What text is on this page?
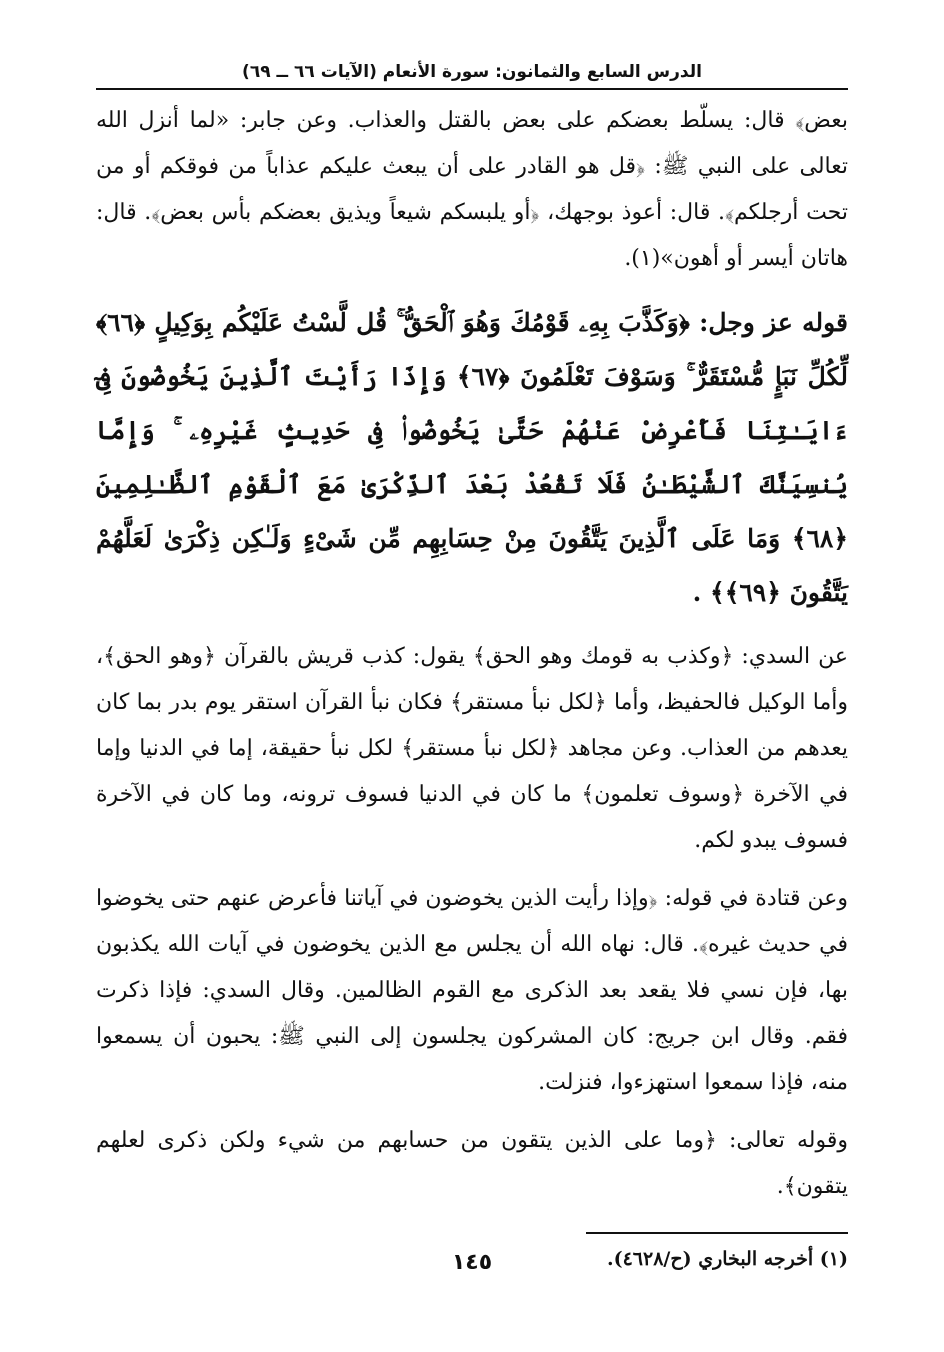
الدرس السابع والثمانون: سورة الأنعام (الآيات ٦٦ ــ ٦٩)

بعض﴾ قال: يسلّط بعضكم على بعض بالقتل والعذاب. وعن جابر: «لما أنزل الله تعالى على النبي ﷺ: ﴿قل هو القادر على أن يبعث عليكم عذاباً من فوقكم أو من تحت أرجلكم﴾. قال: أعوذ بوجهك، ﴿أو يلبسكم شيعاً ويذيق بعضكم بأس بعض﴾. قال: هاتان أيسر أو أهون»(١).

قوله عز وجل: ﴿وَكَذَّبَ بِهِۦ قَوْمُكَ وَهُوَ ٱلْحَقُّ ۚ قُل لَّسْتُ عَلَيْكُم بِوَكِيلٍ ﴿٦٦﴾ لِّكُلِّ نَبَإٍ مُّسْتَقَرٌّ ۚ وَسَوْفَ تَعْلَمُونَ ﴿٦٧﴾ وَإِذَا رَأَيْتَ ٱلَّذِينَ يَخُوضُونَ فِىٓ ءَايَـٰتِنَا فَأَعْرِضْ عَنْهُمْ حَتَّىٰ يَخُوضُوا۟ فِى حَدِيثٍ غَيْرِهِۦ ۚ وَإِمَّا يُنسِيَنَّكَ ٱلشَّيْطَـٰنُ فَلَا تَقْعُدْ بَعْدَ ٱلذِّكْرَىٰ مَعَ ٱلْقَوْمِ ٱلظَّـٰلِمِينَ ﴿٦٨﴾ وَمَا عَلَى ٱلَّذِينَ يَتَّقُونَ مِنْ حِسَابِهِم مِّن شَىْءٍ وَلَـٰكِن ذِكْرَىٰ لَعَلَّهُمْ يَتَّقُونَ ﴿٦٩﴾﴾ .

عن السدي: ﴿وكذب به قومك وهو الحق﴾ يقول: كذب قريش بالقرآن ﴿وهو الحق﴾، وأما الوكيل فالحفيظ، وأما ﴿لكل نبأ مستقر﴾ فكان نبأ القرآن استقر يوم بدر بما كان يعدهم من العذاب. وعن مجاهد ﴿لكل نبأ مستقر﴾ لكل نبأ حقيقة، إما في الدنيا وإما في الآخرة ﴿وسوف تعلمون﴾ ما كان في الدنيا فسوف ترونه، وما كان في الآخرة فسوف يبدو لكم.

وعن قتادة في قوله: ﴿وإذا رأيت الذين يخوضون في آياتنا فأعرض عنهم حتى يخوضوا في حديث غيره﴾. قال: نهاه الله أن يجلس مع الذين يخوضون في آيات الله يكذبون بها، فإن نسي فلا يقعد بعد الذكرى مع القوم الظالمين. وقال السدي: فإذا ذكرت فقم. وقال ابن جريج: كان المشركون يجلسون إلى النبي ﷺ: يحبون أن يسمعوا منه، فإذا سمعوا استهزءوا، فنزلت.

وقوله تعالى: ﴿وما على الذين يتقون من حسابهم من شيء ولكن ذكرى لعلهم يتقون﴾.

(١) أخرجه البخاري (ح/٤٦٢٨).
١٤٥
